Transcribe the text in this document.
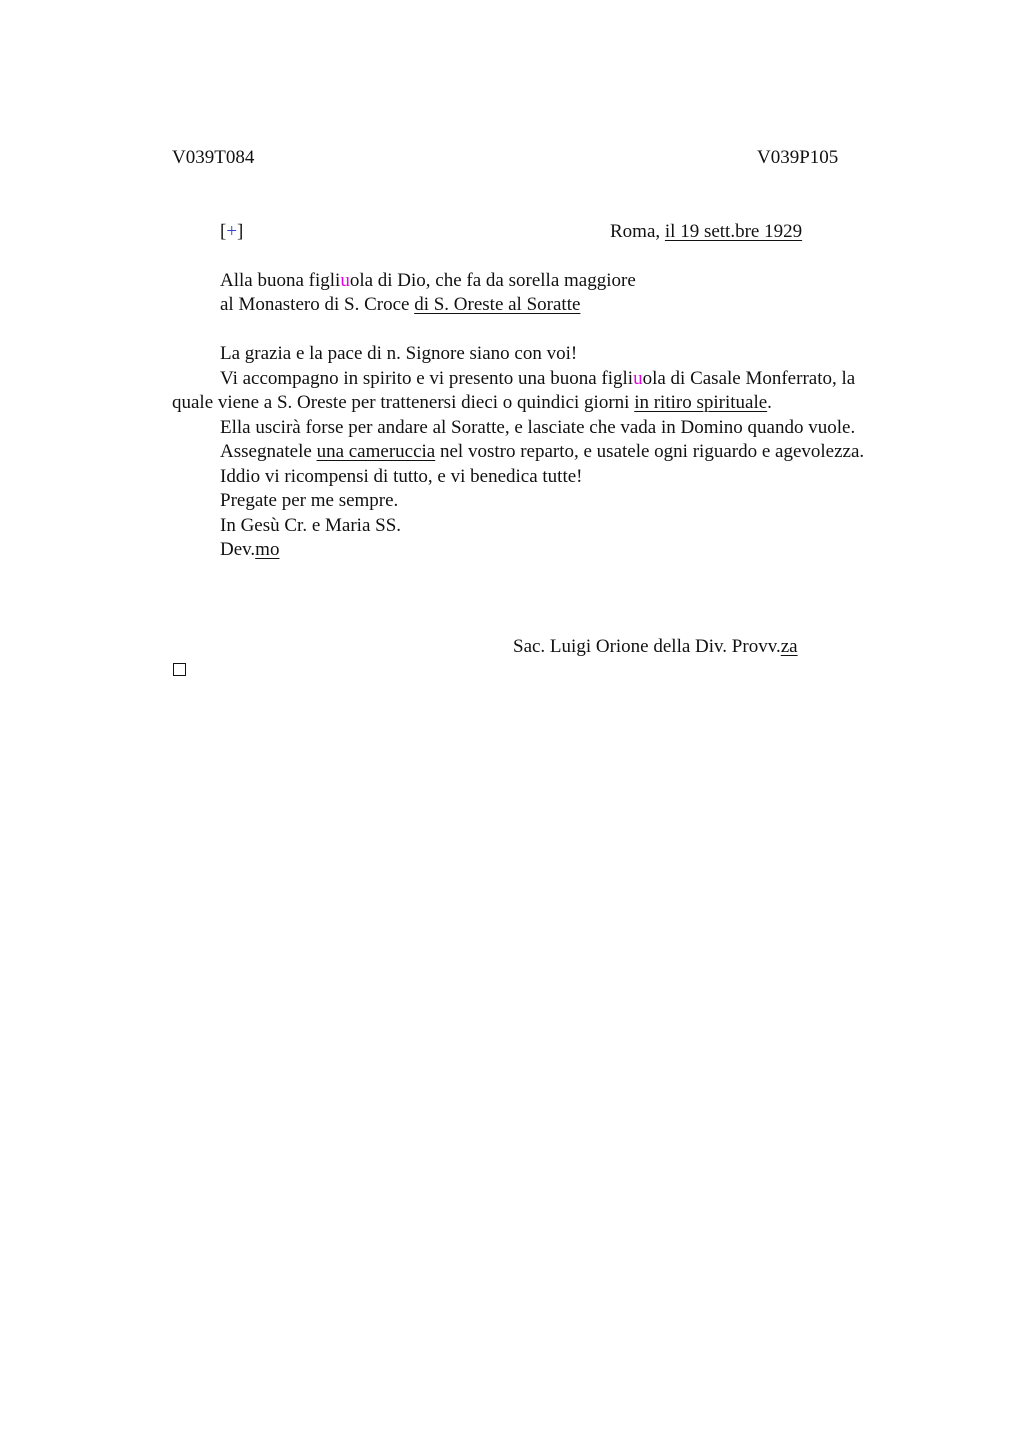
V039T084	V039P105
[+]	Roma, il 19 sett.bre 1929
Alla buona figliuola di Dio, che fa da sorella maggiore
al Monastero di S. Croce di S. Oreste al Soratte

La grazia e la pace di n. Signore siano con voi!

Vi accompagno in spirito e vi presento una buona figliuola di Casale Monferrato, la quale viene a S. Oreste per trattenersi dieci o quindici giorni in ritiro spirituale.

Ella uscirà forse per andare al Soratte, e lasciate che vada in Domino quando vuole.

Assegnatele una cameruccia nel vostro reparto, e usatele ogni riguardo e agevolezza.

Iddio vi ricompensi di tutto, e vi benedica tutte!

Pregate per me sempre.

In Gesù Cr. e Maria SS.

Dev.mo

Sac. Luigi Orione della Div. Provv.za
